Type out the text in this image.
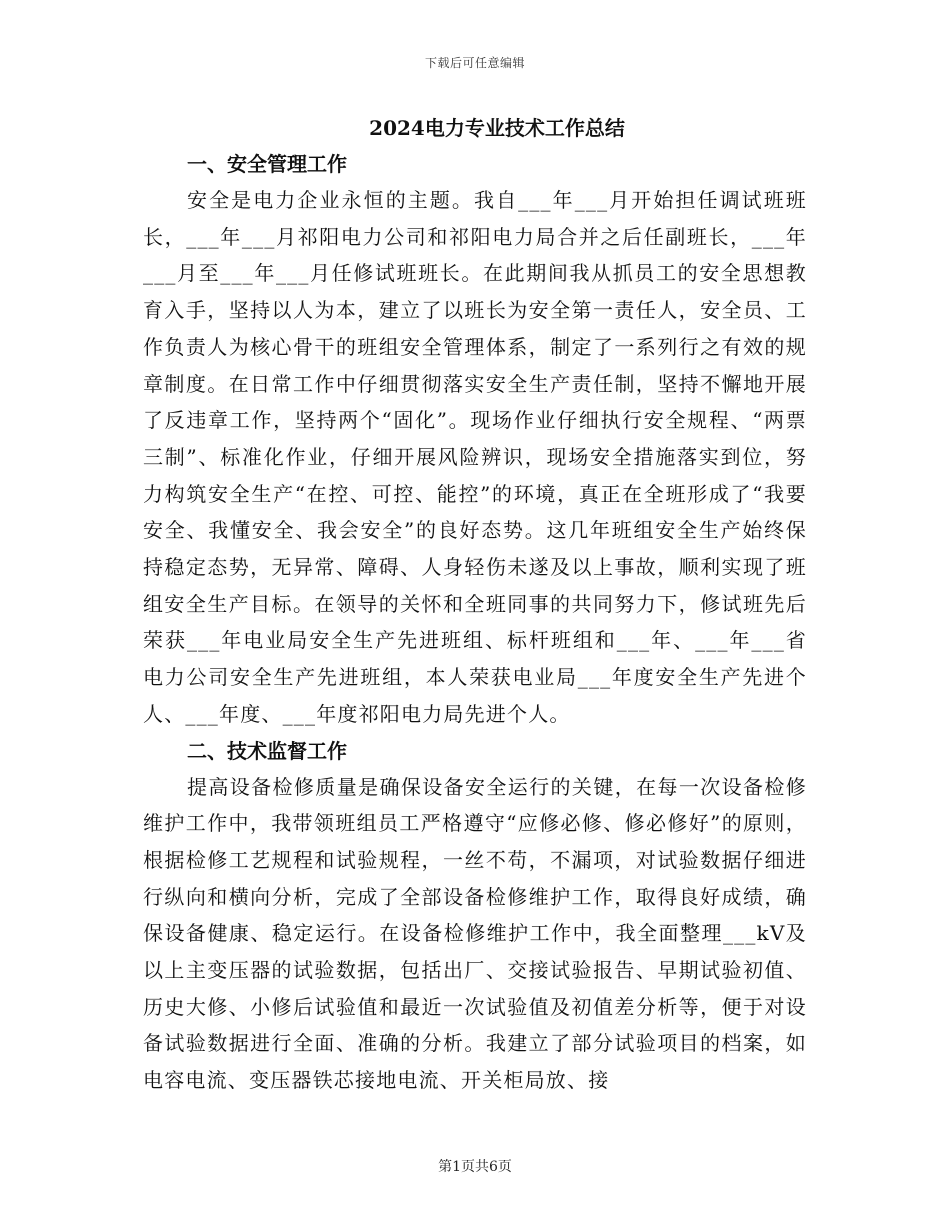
下载后可任意编辑
2024电力专业技术工作总结
一、安全管理工作

安全是电力企业永恒的主题。我自___年___月开始担任调试班班长，___年___月祁阳电力公司和祁阳电力局合并之后任副班长，___年___月至___年___月任修试班班长。在此期间我从抓员工的安全思想教育入手，坚持以人为本，建立了以班长为安全第一责任人，安全员、工作负责人为核心骨干的班组安全管理体系，制定了一系列行之有效的规章制度。在日常工作中仔细贯彻落实安全生产责任制，坚持不懈地开展了反违章工作，坚持两个“固化”。现场作业仔细执行安全规程、“两票三制”、标准化作业，仔细开展风险辨识，现场安全措施落实到位，努力构筑安全生产“在控、可控、能控”的环境，真正在全班形成了“我要安全、我懂安全、我会安全”的良好态势。这几年班组安全生产始终保持稳定态势，无异常、障碍、人身轻伤未遂及以上事故，顺利实现了班组安全生产目标。在领导的关怀和全班同事的共同努力下，修试班先后荣获___年电业局安全生产先进班组、标杆班组和___年、___年___省电力公司安全生产先进班组，本人荣获电业局___年度安全生产先进个人、___年度、___年度祁阳电力局先进个人。

二、技术监督工作

提高设备检修质量是确保设备安全运行的关键，在每一次设备检修维护工作中，我带领班组员工严格遵守“应修必修、修必修好”的原则，根据检修工艺规程和试验规程，一丝不苟，不漏项，对试验数据仔细进行纵向和横向分析，完成了全部设备检修维护工作，取得良好成绩，确保设备健康、稳定运行。在设备检修维护工作中，我全面整理___kV及以上主变压器的试验数据，包括出厂、交接试验报告、早期试验初值、历史大修、小修后试验值和最近一次试验值及初值差分析等，便于对设备试验数据进行全面、准确的分析。我建立了部分试验项目的档案，如电容电流、变压器铁芯接地电流、开关柜局放、接

第1页共6页
